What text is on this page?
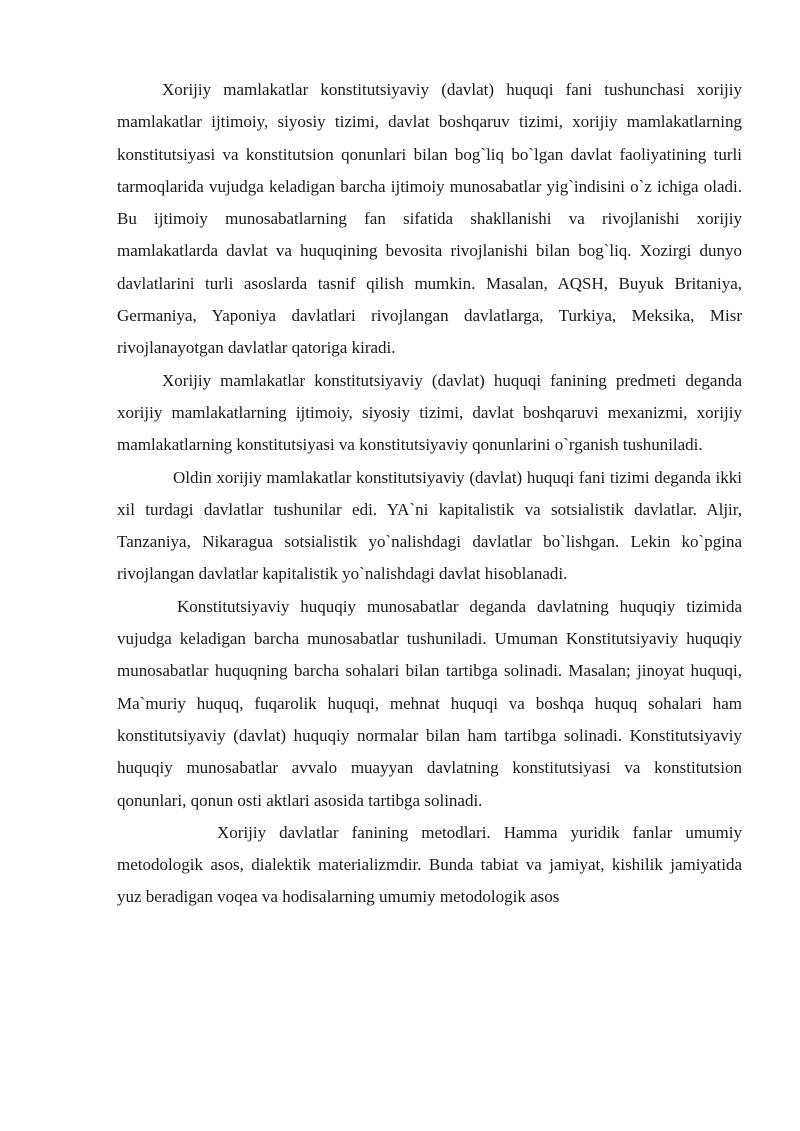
Xorijiy mamlakatlar konstitutsiyaviy (davlat) huquqi fani tushunchasi xorijiy mamlakatlar ijtimoiy, siyosiy tizimi, davlat boshqaruv tizimi, xorijiy mamlakatlarning konstitutsiyasi va konstitutsion qonunlari bilan bog`liq bo`lgan davlat faoliyatining turli tarmoqlarida vujudga keladigan barcha ijtimoiy munosabatlar yig`indisini o`z ichiga oladi. Bu ijtimoiy munosabatlarning fan sifatida shakllanishi va rivojlanishi xorijiy mamlakatlarda davlat va huquqining bevosita rivojlanishi bilan bog`liq. Xozirgi dunyo davlatlarini turli asoslarda tasnif qilish mumkin. Masalan, AQSH, Buyuk Britaniya, Germaniya, Yaponiya davlatlari rivojlangan davlatlarga, Turkiya, Meksika, Misr rivojlanayotgan davlatlar qatoriga kiradi.

Xorijiy mamlakatlar konstitutsiyaviy (davlat) huquqi fanining predmeti deganda xorijiy mamlakatlarning ijtimoiy, siyosiy tizimi, davlat boshqaruvi mexanizmi, xorijiy mamlakatlarning konstitutsiyasi va konstitutsiyaviy qonunlarini o`rganish tushuniladi.

Oldin xorijiy mamlakatlar konstitutsiyaviy (davlat) huquqi fani tizimi deganda ikki xil turdagi davlatlar tushunilar edi. YA`ni kapitalistik va sotsialistik davlatlar. Aljir, Tanzaniya, Nikaragua sotsialistik yo`nalishdagi davlatlar bo`lishgan. Lekin ko`pgina rivojlangan davlatlar kapitalistik yo`nalishdagi davlat hisoblanadi.

Konstitutsiyaviy huquqiy munosabatlar deganda davlatning huquqiy tizimida vujudga keladigan barcha munosabatlar tushuniladi. Umuman Konstitutsiyaviy huquqiy munosabatlar huquqning barcha sohalari bilan tartibga solinadi. Masalan; jinoyat huquqi, Ma`muriy huquq, fuqarolik huquqi, mehnat huquqi va boshqa huquq sohalari ham konstitutsiyaviy (davlat) huquqiy normalar bilan ham tartibga solinadi. Konstitutsiyaviy huquqiy munosabatlar avvalo muayyan davlatning konstitutsiyasi va konstitutsion qonunlari, qonun osti aktlari asosida tartibga solinadi.

Xorijiy davlatlar fanining metodlari. Hamma yuridik fanlar umumiy metodologik asos, dialektik materializmdir. Bunda tabiat va jamiyat, kishilik jamiyatida yuz beradigan voqea va hodisalarning umumiy metodologik asos
